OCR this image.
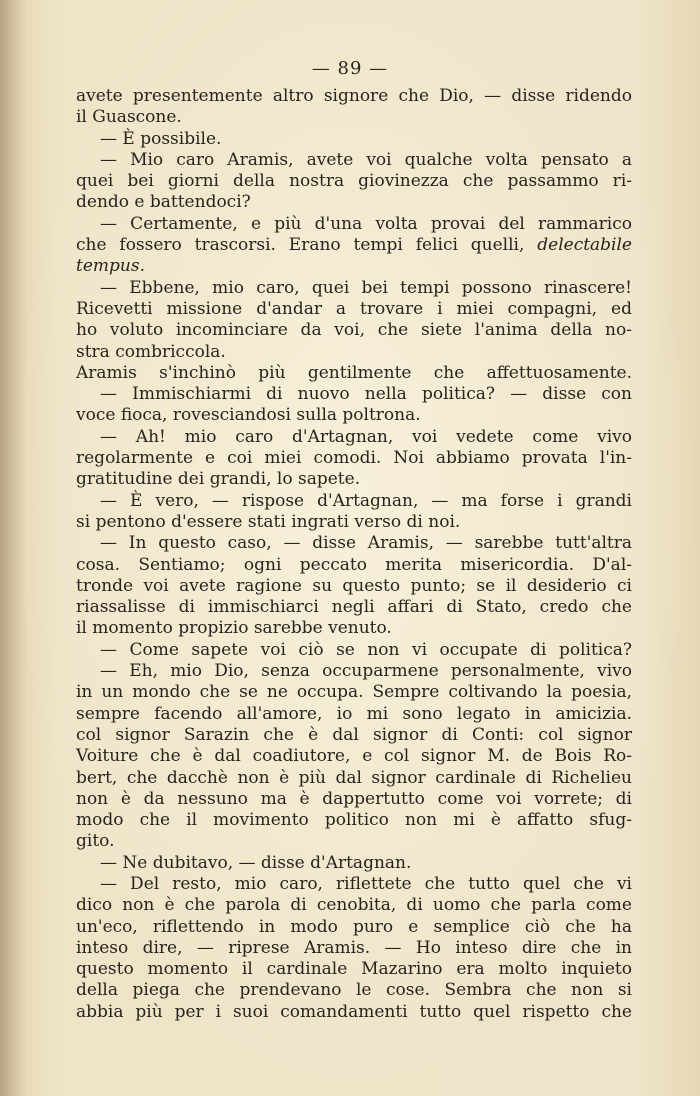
— 89 —
avete presentemente altro signore che Dio, — disse ridendo
il Guascone.
— È possibile.
— Mio caro Aramis, avete voi qualche volta pensato a
quei bei giorni della nostra giovinezza che passammo ri-
dendo e battendoci?
— Certamente, e più d'una volta provai del rammarico
che fossero trascorsi. Erano tempi felici quelli, delectabile
tempus.
— Ebbene, mio caro, quei bei tempi possono rinascere!
Ricevetti missione d'andar a trovare i miei compagni, ed
ho voluto incominciare da voi, che siete l'anima della no-
stra combriccola.
Aramis s'inchinò più gentilmente che affettuosamente.
— Immischiarmi di nuovo nella politica? — disse con
voce fioca, rovesciandosi sulla poltrona.
— Ah! mio caro d'Artagnan, voi vedete come vivo
regolarmente e coi miei comodi. Noi abbiamo provata l'in-
gratitudine dei grandi, lo sapete.
— È vero, — rispose d'Artagnan, — ma forse i grandi
si pentono d'essere stati ingrati verso di noi.
— In questo caso, — disse Aramis, — sarebbe tutt'altra
cosa. Sentiamo; ogni peccato merita misericordia. D'al-
tronde voi avete ragione su questo punto; se il desiderio ci
riassalisse di immischiarci negli affari di Stato, credo che
il momento propizio sarebbe venuto.
— Come sapete voi ciò se non vi occupate di politica?
— Eh, mio Dio, senza occuparmene personalmente, vivo
in un mondo che se ne occupa. Sempre coltivando la poesia,
sempre facendo all'amore, io mi sono legato in amicizia.
col signor Sarazin che è dal signor di Conti: col signor
Voiture che è dal coadiutore, e col signor M. de Bois Ro-
bert, che dacchè non è più dal signor cardinale di Richelieu
non è da nessuno ma è dappertutto come voi vorrete; di
modo che il movimento politico non mi è affatto sfug-
gito.
— Ne dubitavo, — disse d'Artagnan.
— Del resto, mio caro, riflettete che tutto quel che vi
dico non è che parola di cenobita, di uomo che parla come
un'eco, riflettendo in modo puro e semplice ciò che ha
inteso dire, — riprese Aramis. — Ho inteso dire che in
questo momento il cardinale Mazarino era molto inquieto
della piega che prendevano le cose. Sembra che non si
abbia più per i suoi comandamenti tutto quel rispetto che
